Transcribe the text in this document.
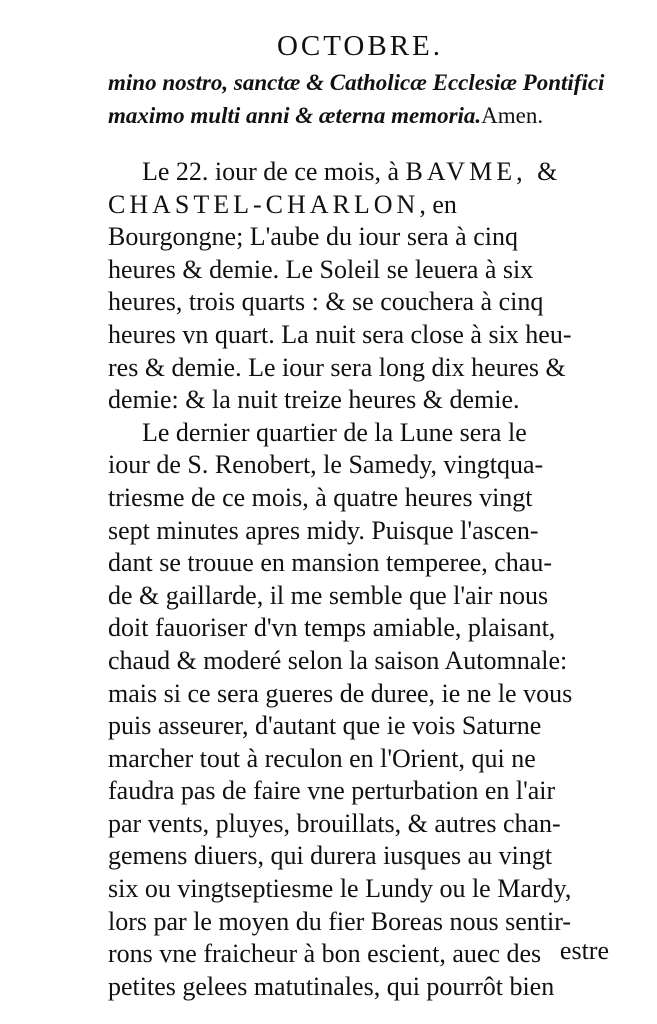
OCTOBRE.

mino nostro, sanctæ & Catholicæ Ecclesiæ Pontifici
maximo multi anni & æterna memoria.Amen.

Le 22. iour de ce mois, à BAVME, &
CHASTEL-CHARLON, en
Bourgongne; L'aube du iour sera à cinq
heures & demie. Le Soleil se leuera à six
heures, trois quarts : & se couchera à cinq
heures vn quart. La nuit sera close à six heu-
res & demie. Le iour sera long dix heures &
demie: & la nuit treize heures & demie.
Le dernier quartier de la Lune sera le
iour de S. Renobert, le Samedy, vingtqua-
triesme de ce mois, à quatre heures vingt
sept minutes apres midy. Puisque l'ascen-
dant se trouue en mansion temperee, chau-
de & gaillarde, il me semble que l'air nous
doit fauoriser d'vn temps amiable, plaisant,
chaud & moderé selon la saison Automnale:
mais si ce sera gueres de duree, ie ne le vous
puis asseurer, d'autant que ie vois Saturne
marcher tout à reculon en l'Orient, qui ne
faudra pas de faire vne perturbation en l'air
par vents, pluyes, brouillats, & autres chan-
gemens diuers, qui durera iusques au vingt
six ou vingtseptiesme le Lundy ou le Mardy,
lors par le moyen du fier Boreas nous sentir-
rons vne fraicheur à bon escient, auec des
petites gelees matutinales, qui pourrôt bien

estre
